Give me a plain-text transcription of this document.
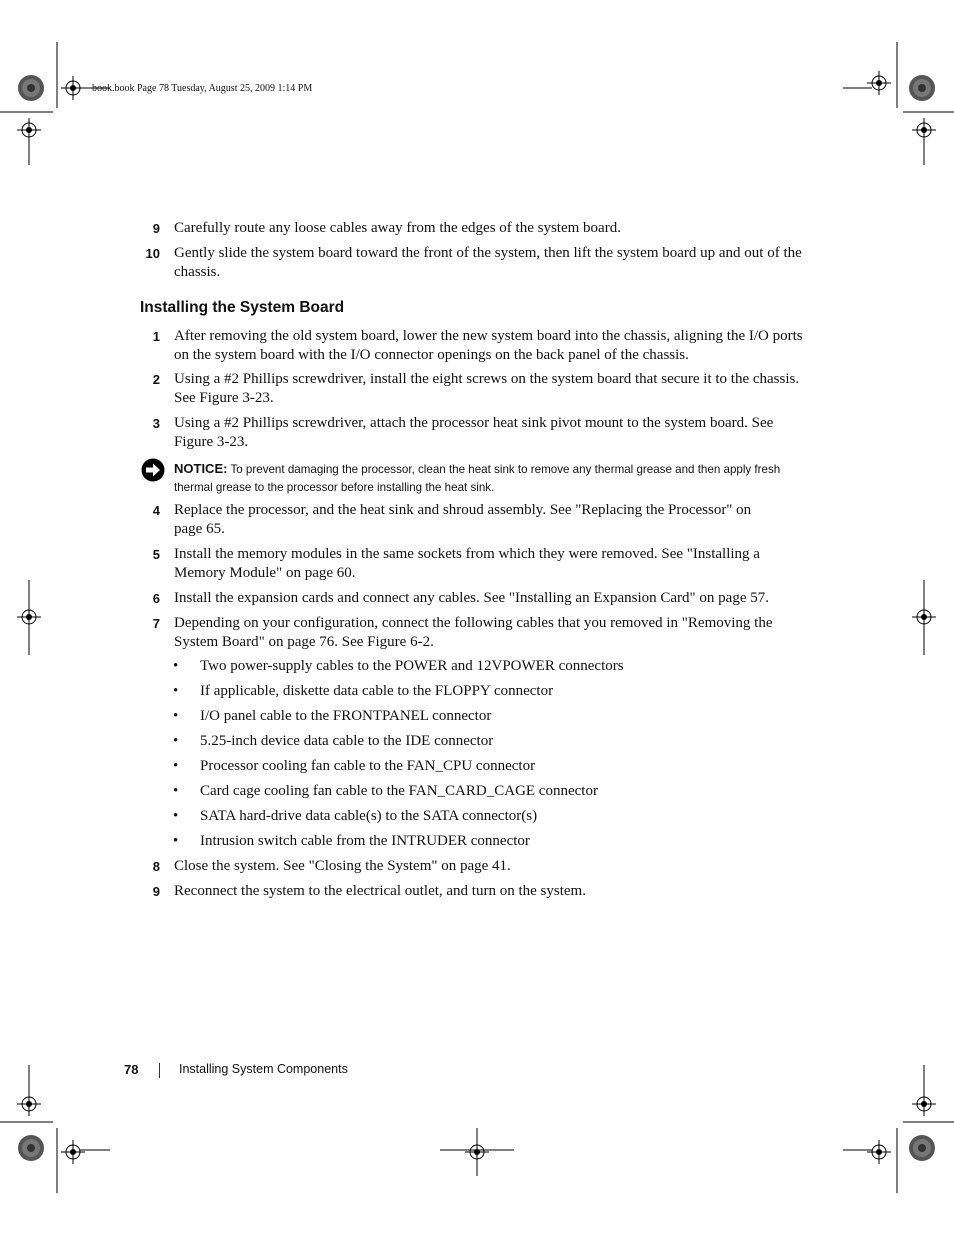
book.book Page 78 Tuesday, August 25, 2009 1:14 PM
9 Carefully route any loose cables away from the edges of the system board.
10 Gently slide the system board toward the front of the system, then lift the system board up and out of the chassis.
Installing the System Board
1 After removing the old system board, lower the new system board into the chassis, aligning the I/O ports on the system board with the I/O connector openings on the back panel of the chassis.
2 Using a #2 Phillips screwdriver, install the eight screws on the system board that secure it to the chassis. See Figure 3-23.
3 Using a #2 Phillips screwdriver, attach the processor heat sink pivot mount to the system board. See Figure 3-23.
NOTICE: To prevent damaging the processor, clean the heat sink to remove any thermal grease and then apply fresh thermal grease to the processor before installing the heat sink.
4 Replace the processor, and the heat sink and shroud assembly. See "Replacing the Processor" on page 65.
5 Install the memory modules in the same sockets from which they were removed. See "Installing a Memory Module" on page 60.
6 Install the expansion cards and connect any cables. See "Installing an Expansion Card" on page 57.
7 Depending on your configuration, connect the following cables that you removed in "Removing the System Board" on page 76. See Figure 6-2.
• Two power-supply cables to the POWER and 12VPOWER connectors
• If applicable, diskette data cable to the FLOPPY connector
• I/O panel cable to the FRONTPANEL connector
• 5.25-inch device data cable to the IDE connector
• Processor cooling fan cable to the FAN_CPU connector
• Card cage cooling fan cable to the FAN_CARD_CAGE connector
• SATA hard-drive data cable(s) to the SATA connector(s)
• Intrusion switch cable from the INTRUDER connector
8 Close the system. See "Closing the System" on page 41.
9 Reconnect the system to the electrical outlet, and turn on the system.
78	Installing System Components
